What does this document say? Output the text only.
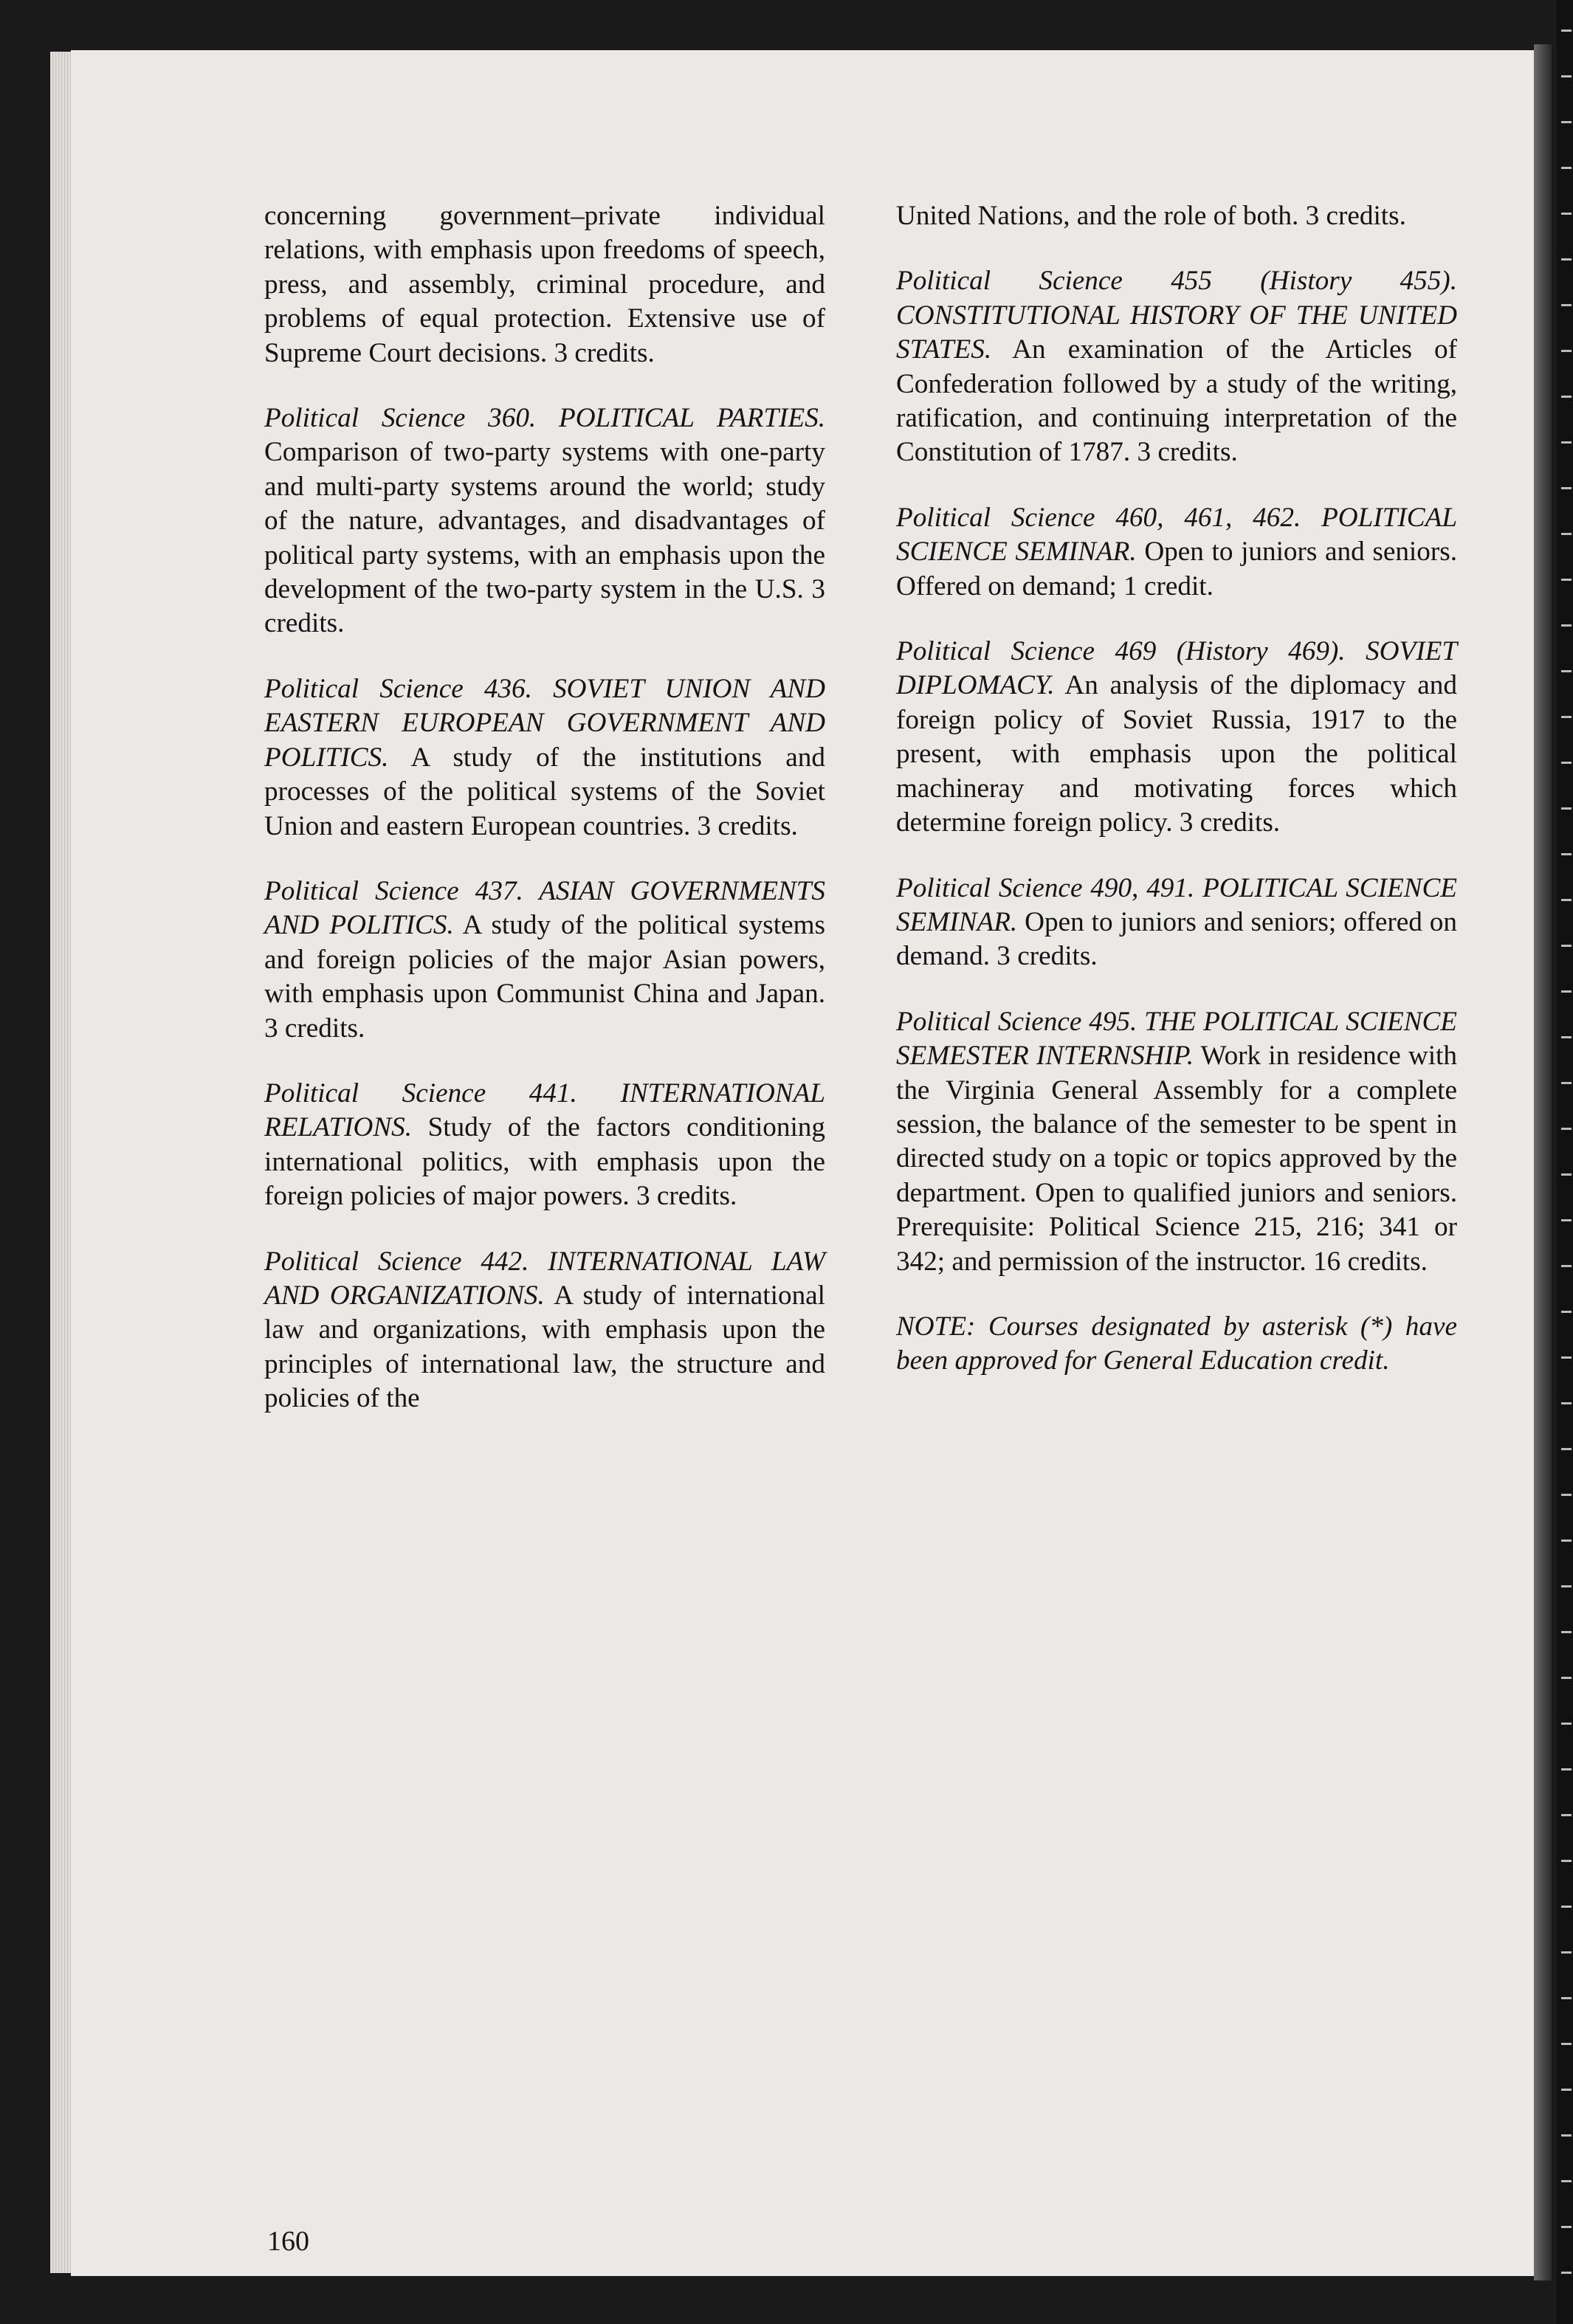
concerning government–private individual relations, with emphasis upon freedoms of speech, press, and assembly, criminal procedure, and problems of equal protection. Extensive use of Supreme Court decisions. 3 credits.

Political Science 360. POLITICAL PARTIES. Comparison of two-party systems with one-party and multi-party systems around the world; study of the nature, advantages, and disadvantages of political party systems, with an emphasis upon the development of the two-party system in the U.S. 3 credits.

Political Science 436. SOVIET UNION AND EASTERN EUROPEAN GOVERNMENT AND POLITICS. A study of the institutions and processes of the political systems of the Soviet Union and eastern European countries. 3 credits.

Political Science 437. ASIAN GOVERNMENTS AND POLITICS. A study of the political systems and foreign policies of the major Asian powers, with emphasis upon Communist China and Japan. 3 credits.

Political Science 441. INTERNATIONAL RELATIONS. Study of the factors conditioning international politics, with emphasis upon the foreign policies of major powers. 3 credits.

Political Science 442. INTERNATIONAL LAW AND ORGANIZATIONS. A study of international law and organizations, with emphasis upon the principles of international law, the structure and policies of the

United Nations, and the role of both. 3 credits.

Political Science 455 (History 455). CONSTITUTIONAL HISTORY OF THE UNITED STATES. An examination of the Articles of Confederation followed by a study of the writing, ratification, and continuing interpretation of the Constitution of 1787. 3 credits.

Political Science 460, 461, 462. POLITICAL SCIENCE SEMINAR. Open to juniors and seniors. Offered on demand; 1 credit.

Political Science 469 (History 469). SOVIET DIPLOMACY. An analysis of the diplomacy and foreign policy of Soviet Russia, 1917 to the present, with emphasis upon the political machineray and motivating forces which determine foreign policy. 3 credits.

Political Science 490, 491. POLITICAL SCIENCE SEMINAR. Open to juniors and seniors; offered on demand. 3 credits.

Political Science 495. THE POLITICAL SCIENCE SEMESTER INTERNSHIP. Work in residence with the Virginia General Assembly for a complete session, the balance of the semester to be spent in directed study on a topic or topics approved by the department. Open to qualified juniors and seniors. Prerequisite: Political Science 215, 216; 341 or 342; and permission of the instructor. 16 credits.

NOTE: Courses designated by asterisk (*) have been approved for General Education credit.

160
